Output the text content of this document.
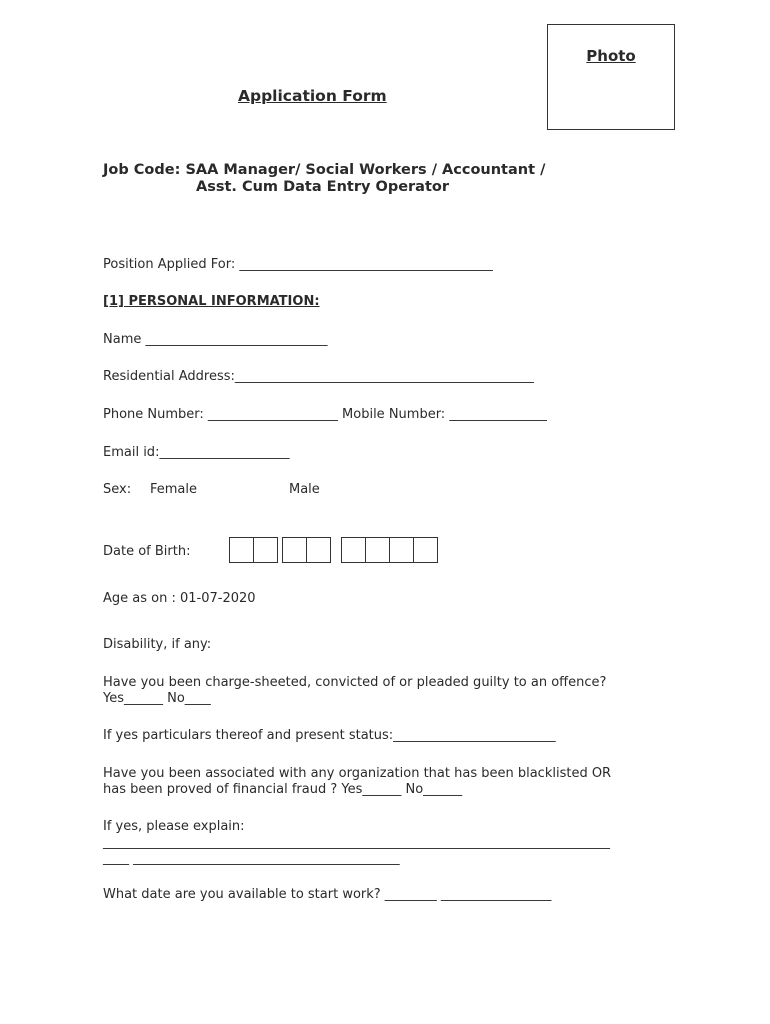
Photo
Application Form
Job Code: SAA Manager/ Social Workers / Accountant /
Asst. Cum Data Entry Operator
Position Applied For: _______________________________________
[1] PERSONAL INFORMATION:
Name ____________________________
Residential Address:______________________________________________
Phone Number: ____________________ Mobile Number: _______________
Email id:____________________
Sex: Female	Male
Date of Birth:
Age as on : 01-07-2020
Disability, if any:
Have you been charge-sheeted, convicted of or pleaded guilty to an offence?
Yes______ No____
If yes particulars thereof and present status:_________________________
Have you been associated with any organization that has been blacklisted OR
has been proved of financial fraud ? Yes______ No______
If yes, please explain:
______________________________________________________________________________
____ _________________________________________
What date are you available to start work? ________ _________________
